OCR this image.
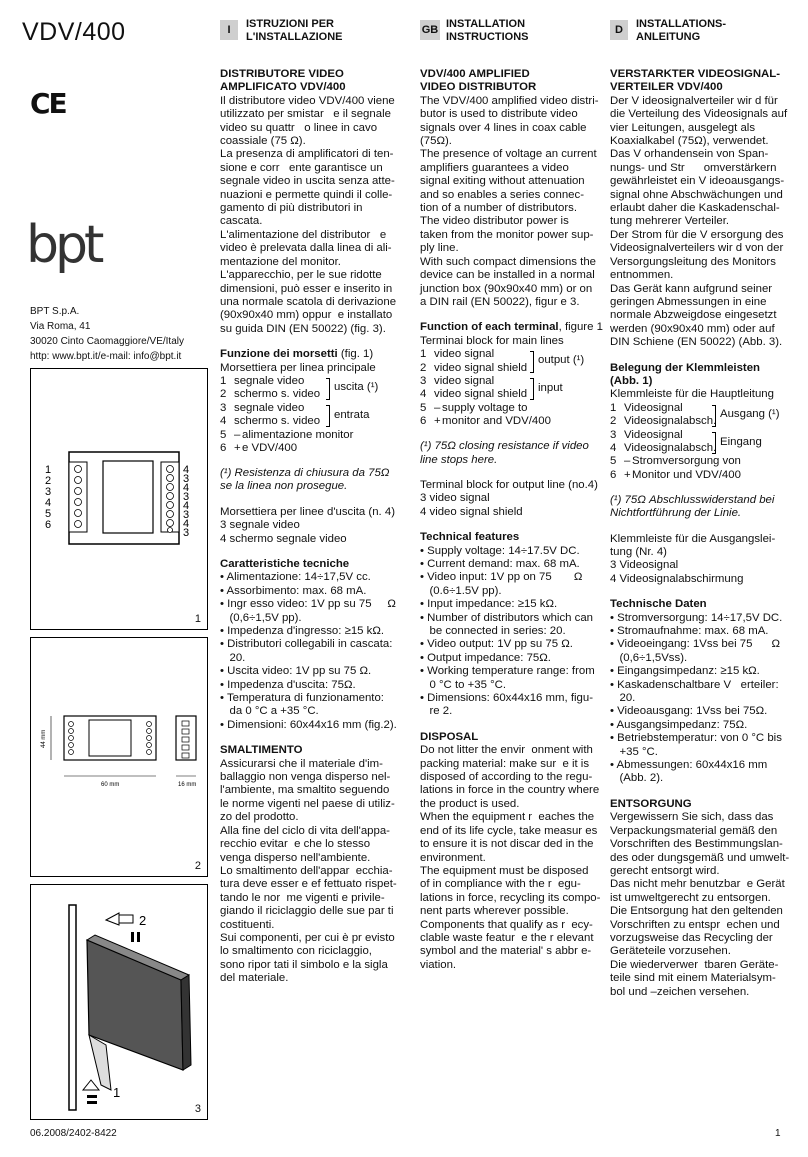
VDV/400
CE
bpt
BPT S.p.A.
Via Roma, 41
30020 Cinto Caomaggiore/VE/Italy
http: www.bpt.it/e-mail: info@bpt.it
1
2
3
4
5
6
4
3
4
3
4
3
4
3
1
44 mm
60 mm	16 mm
2
2
1
3
06.2008/2402-8422	1
I	ISTRUZIONI PER
L'INSTALLAZIONE
GB INSTALLATION
INSTRUCTIONS
D	INSTALLATIONS-
ANLEITUNG
DISTRIBUTORE VIDEO
AMPLIFICATO VDV/400
Il distributore video VDV/400 viene
utilizzato per smistar   e il segnale
video su quattr   o linee in cavo
coassiale (75 Ω).
La presenza di amplificatori di ten-
sione e corr   ente garantisce un
segnale video in uscita senza atte-
nuazioni e permette quindi il colle-
gamento di più distributori in
cascata.
L'alimentazione del distributor   e
video è prelevata dalla linea di ali-
mentazione del monitor.
L'apparecchio, per le sue ridotte
dimensioni, può esser e inserito in
una normale scatola di derivazione
(90x90x40 mm) oppur  e installato
su guida DIN (EN 50022) (fig. 3).
Funzione dei morsetti (fig. 1)
Morsettiera per linea principale
1 segnale video
2 schermo s. video
3 segnale video
4 schermo s. video
5 – alimentazione monitor
6 +e VDV/400
uscita (¹)
entrata
(¹) Resistenza di chiusura da 75Ω
se la linea non prosegue.
Morsettiera per linee d'uscita (n. 4)
3 segnale video
4 schermo segnale video
Caratteristiche tecniche
• Alimentazione: 14÷17,5V cc.
• Assorbimento: max. 68 mA.
• Ingr esso video: 1V pp su 75     Ω
(0,6÷1,5V pp).
• Impedenza d'ingresso: ≥15 kΩ.
• Distributori collegabili in cascata:
20.
• Uscita video: 1V pp su 75 Ω.
• Impedenza d'uscita: 75Ω.
• Temperatura di funzionamento:
da 0 °C a +35 °C.
• Dimensioni: 60x44x16 mm (fig.2).
SMALTIMENTO
Assicurarsi che il materiale d'im-
ballaggio non venga disperso nel-
l'ambiente, ma smaltito seguendo
le norme vigenti nel paese di utiliz-
zo del prodotto.
Alla fine del ciclo di vita dell'appa-
recchio evitar  e che lo stesso
venga disperso nell'ambiente.
Lo smaltimento dell'appar  ecchia-
tura deve esser e ef fettuato rispet-
tando le nor  me vigenti e privile-
giando il riciclaggio delle sue par ti
costituenti.
Sui componenti, per cui è pr evisto
lo smaltimento con riciclaggio,
sono ripor tati il simbolo e la sigla
del materiale.
VDV/400 AMPLIFIED
VIDEO DISTRIBUTOR
The VDV/400 amplified video distri-
butor is used to distribute video
signals over 4 lines in coax cable
(75Ω).
The presence of voltage an current
amplifiers guarantees a video
signal exiting without attenuation
and so enables a series connec-
tion of a number of distributors.
The video distributor power is
taken from the monitor power sup-
ply line.
With such compact dimensions the
device can be installed in a normal
junction box (90x90x40 mm) or on
a DIN rail (EN 50022), figur e 3.
Function of each terminal, figure 1
Terminai block for main lines
1 video signal
2 video signal shield
3 video signal
4 video signal shield
5 – supply voltage to
6 +monitor and VDV/400
output (¹)
input
(¹) 75Ω closing resistance if video
line stops here.
Terminal block for output line (no.4)
3 video signal
4 video signal shield
Technical features
• Supply voltage: 14÷17.5V DC.
• Current demand: max. 68 mA.
• Video input: 1V pp on 75       Ω
(0.6÷1.5V pp).
• Input impedance: ≥15 kΩ.
• Number of distributors which can
be connected in series: 20.
• Video output: 1V pp su 75 Ω.
• Output impedance: 75Ω.
• Working temperature range: from
0 °C to +35 °C.
• Dimensions: 60x44x16 mm, figu-
re 2.
DISPOSAL
Do not litter the envir  onment with
packing material: make sur  e it is
disposed of according to the regu-
lations in force in the country where
the product is used.
When the equipment r  eaches the
end of its life cycle, take measur es
to ensure it is not discar ded in the
environment.
The equipment must be disposed
of in compliance with the r  egu-
lations in force, recycling its compo-
nent parts wherever possible.
Components that qualify as r  ecy-
clable waste featur  e the r elevant
symbol and the material' s abbr e-
viation.
VERSTARKTER VIDEOSIGNAL-
VERTEILER VDV/400
Der V ideosignalverteiler wir d für
die Verteilung des Videosignals auf
vier Leitungen, ausgelegt als
Koaxialkabel (75Ω), verwendet.
Das V orhandensein von Span-
nungs- und Str      omverstärkern
gewährleistet ein V ideoausgangs-
signal ohne Abschwächungen und
erlaubt daher die Kaskadenschal-
tung mehrerer Verteiler.
Der Strom für die V ersorgung des
Videosignalverteilers wir d von der
Versorgungsleitung des Monitors
entnommen.
Das Gerät kann aufgrund seiner
geringen Abmessungen in eine
normale Abzweigdose eingesetzt
werden (90x90x40 mm) oder auf
DIN Schiene (EN 50022) (Abb. 3).
Belegung der Klemmleisten
(Abb. 1)
Klemmleiste für die Hauptleitung
1 Videosignal
2 Videosignalabsch.
3 Videosignal
4 Videosignalabsch.
5 – Stromversorgung von
6 +Monitor und VDV/400
Ausgang (¹)
Eingang
(¹) 75Ω Abschlusswiderstand bei
Nichtfortführung der Linie.
Klemmleiste für die Ausgangslei-
tung (Nr. 4)
3 Videosignal
4 Videosignalabschirmung
Technische Daten
• Stromversorgung: 14÷17,5V DC.
• Stromaufnahme: max. 68 mA.
• Videoeingang: 1Vss bei 75      Ω
(0,6÷1,5Vss).
• Eingangsimpedanz: ≥15 kΩ.
• Kaskadenschaltbare V   erteiler:
20.
• Videoausgang: 1Vss bei 75Ω.
• Ausgangsimpedanz: 75Ω.
• Betriebstemperatur: von 0 °C bis
+35 °C.
• Abmessungen: 60x44x16 mm
(Abb. 2).
ENTSORGUNG
Vergewissern Sie sich, dass das
Verpackungsmaterial gemäß den
Vorschriften des Bestimmungslan-
des oder dungsgemäß und umwelt-
gerecht entsorgt wird.
Das nicht mehr benutzbar  e Gerät
ist umweltgerecht zu entsorgen.
Die Entsorgung hat den geltenden
Vorschriften zu entspr  echen und
vorzugsweise das Recycling der
Geräteteile vorzusehen.
Die wiederverwer  tbaren Geräte-
teile sind mit einem Materialsym-
bol und –zeichen versehen.
